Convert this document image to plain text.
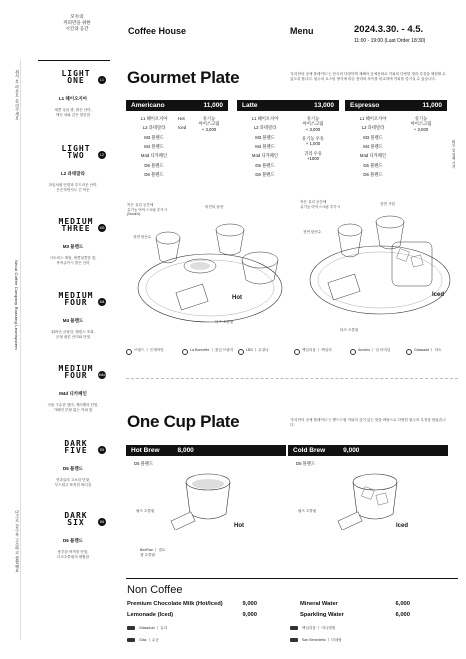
모두의
커피만을 위한
시간과 공간
취식 후 라운드 문의주세요
Seoul Coffee Company Roasting Levelsystem
다크로 갈수록 고소하고 쌉쌀해요
LIGHT
ONE	L1
L1 헤이오지아
새콤 상큼 향, 밝은 산미,
깨끗 차와 같은 깔끔함
LIGHT
TWO	L2
L2 과테말라
과일처럼 단맛과 부드러운 산미,
은은하면서도 긴 여운
MEDIUM
THREE	M3
M3 블렌드
시트러스 계열, 새콤달콤한 맛,
목작쥬이시 밝은 산미
MEDIUM
FOUR	M4
M4 블렌드
뛰어난 균형감, 밸런스 조화,
균형 잡힌 산미와 단맛
MEDIUM
FOUR	M4d
M4d 디카페인
곡물 구수한 향미, 캐러멜의 단맛,
카페인 부담 없는 커피 맛
DARK
FIVE	D5
D5 블렌드
견과류의 고소한 단맛,
부드럽고 묵직한 바디감
DARK
SIX	D6
D6 블렌드
풍부한 묵직한 단맛,
다크초콜릿의 쌉쌀함
Coffee House	Menu	2024.3.30. - 4.5.
11:00 - 19:00 (Last Order 18:30)
Gourmet Plate	'우리만의 공예 플레이트'는 한국의 다양하게 재해석 공예문화로 커피의 다양한 맛과 특징을 체험할 수 있도록 합니다. 원두의 로스팅 방식에 따른 풍미의 차이를 비교하며 커피를 즐기실 수 있습니다.
확인 및 결제 가격
Americano	11,000
L1 헤이오지아
L2 과테말라
M3 블렌드
M4 블렌드
M4d 디카페인
D5 블렌드
D6 블렌드
Hot
Iced
유기농
아이스크림
+ 3,000
Latte	13,000
L1 헤이오지아
L2 과테말라
M3 블렌드
M4 블렌드
M4d 디카페인
D5 블렌드
D6 블렌드
유기농
아이스크림
+ 3,000
유기농 우유
+ 1,000
귀리 우유
+1000
Espresso	11,000
L1 헤이오지아
L2 과테말라
M3 블렌드
M4 블렌드
M4d 디카페인
D5 블렌드
D6 블렌드
유기농
아이스크림
+ 3,000
Hot
작은 유리 공간에
유기농 아이스크림 추가시
(Nouk's)
비민의 잘잔
천연 탄산수
타즈 초콜릿
Iced
작은 유리 공간에
유기농 아이스크림 추가시
천연 시럽
천연 탄산수
타즈 초콜릿
브릿드 ㅣ 은재씨앗	La Bonnette ㅣ 꽃잎 브릿지	LBS ㅣ 무창나	백일리움 ㅣ 백일리	Anneks ㅣ 임 터미널	Glassadd ㅣ 하트
One Cup Plate	'우리만의 공예 플레이트'는 핸드드립 커피의 깊이 있는 맛을 바탕으로 다양한 원두의 특징을 담았습니다.
Hot Brew	8,000
D5 블렌드
필즈 초콜릿
Hot
Cold Brew	9,000
D5 블렌드
필즈 초콜릿
Iced
BeeRae ㅣ 빌로
캡 초콜릿
Non Coffee
Premium Chocolate Milk (Hot/Iced)	9,000
Lemonade (Iced)	9,000
Mineral Water	6,000
Sparkling Water	6,000
GlassAdd ㅣ 유리
Glas ㅣ 수공
백일리움 ㅣ 미니앨범
San Benedetto ㅣ 미네랄
